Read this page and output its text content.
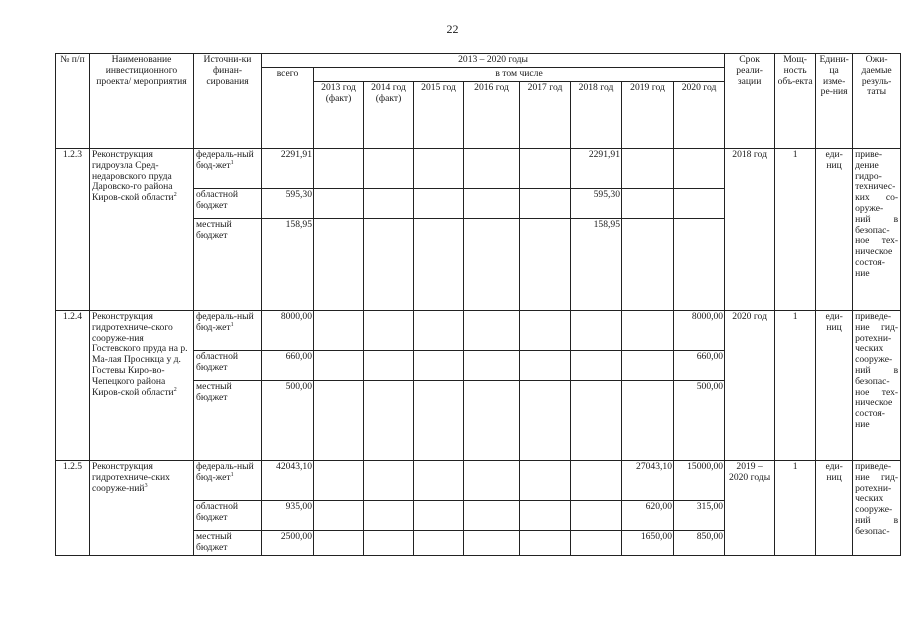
22
№ п/п	Наименование инвестиционного проекта/ мероприятия	Источни-ки финан-сирования	2013 – 2020 годы									Срок реали-зации	Мощ-ность объ-екта	Едини-ца изме-ре-ния	Ожи-даемые резуль-таты
			всего	в том числе											
				2013 год (факт)	2014 год (факт)	2015 год	2016 год	2017 год	2018 год	2019 год	2020 год				
1.2.3	Реконструкция гидроузла Сред-недаровского пруда Даровско-го района Киров-ской области$^2$	федераль-ный бюд-жет$^1$	2291,91						2291,91			2018 год	1	еди-ниц	приве-дение гидро-техничес-ких со-оруже-ний в безопас-ное тех-ническое состоя-ние
		областной бюджет	595,30						595,30						
		местный бюджет	158,95						158,95						
1.2.4	Реконструкция гидротехниче-ского сооруже-ния Гостевского пруда на р. Ма-лая Проснкца у д. Гостевы Киро-во-Чепецкого района Киров-ской области$^2$	федераль-ный бюд-жет$^1$	8000,00								8000,00	2020 год	1	еди-ниц	приведе-ние гид-ротехни-ческих сооруже-ний в безопас-ное тех-ническое состоя-ние
		областной бюджет	660,00								660,00				
		местный бюджет	500,00								500,00				
1.2.5	Реконструкция гидротехниче-ских сооруже-ний$^3$	федераль-ный бюд-жет$^1$	42043,10							27043,10	15000,00	2019 – 2020 годы	1	еди-ниц	приведе-ние гид-ротехни-ческих сооруже-ний в безопас-
		областной бюджет	935,00							620,00	315,00				
		местный бюджет	2500,00							1650,00	850,00				
